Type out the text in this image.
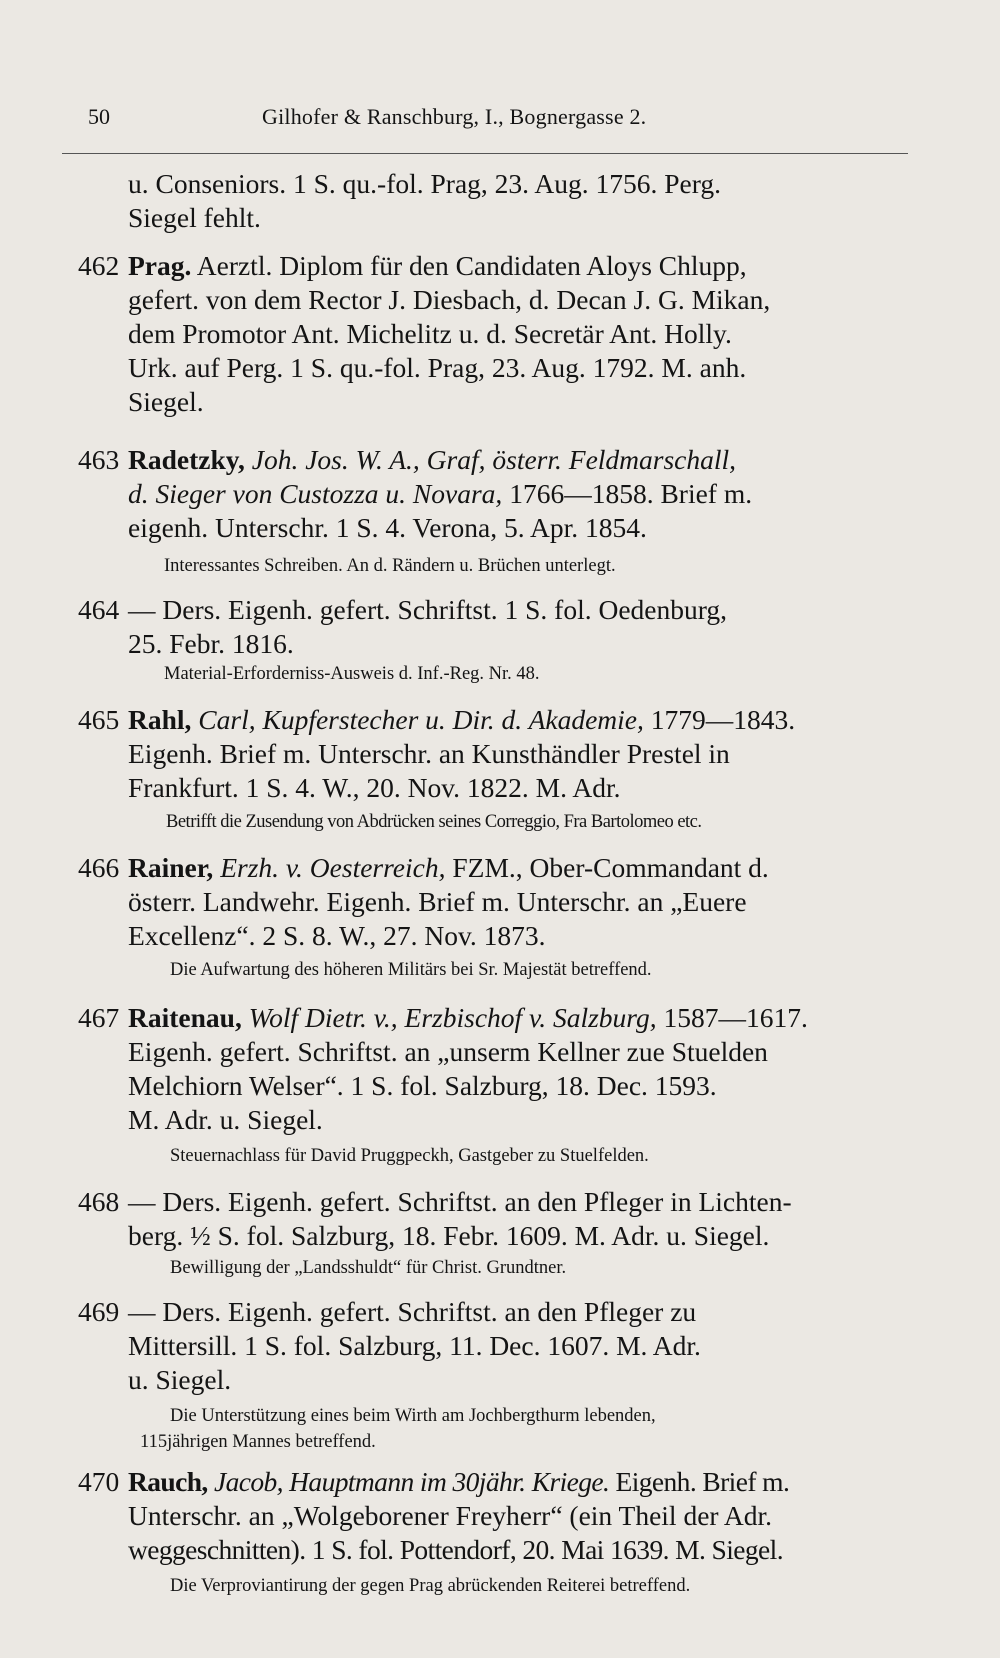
50	Gilhofer & Ranschburg, I., Bognergasse 2.
u. Conseniors. 1 S. qu.-fol. Prag, 23. Aug. 1756. Perg.
Siegel fehlt.
462 Prag. Aerztl. Diplom für den Candidaten Aloys Chlupp,
gefert. von dem Rector J. Diesbach, d. Decan J. G. Mikan,
dem Promotor Ant. Michelitz u. d. Secretär Ant. Holly.
Urk. auf Perg. 1 S. qu.-fol. Prag, 23. Aug. 1792. M. anh.
Siegel.
463 Radetzky, Joh. Jos. W. A., Graf, österr. Feldmarschall,
d. Sieger von Custozza u. Novara, 1766—1858. Brief m.
eigenh. Unterschr. 1 S. 4. Verona, 5. Apr. 1854.
Interessantes Schreiben. An d. Rändern u. Brüchen unterlegt.
464 — Ders. Eigenh. gefert. Schriftst. 1 S. fol. Oedenburg,
25. Febr. 1816.
Material-Erforderniss-Ausweis d. Inf.-Reg. Nr. 48.
465 Rahl, Carl, Kupferstecher u. Dir. d. Akademie, 1779—1843.
Eigenh. Brief m. Unterschr. an Kunsthändler Prestel in
Frankfurt. 1 S. 4. W., 20. Nov. 1822. M. Adr.
Betrifft die Zusendung von Abdrücken seines Correggio, Fra Bartolomeo etc.
466 Rainer, Erzh. v. Oesterreich, FZM., Ober-Commandant d.
österr. Landwehr. Eigenh. Brief m. Unterschr. an „Euere
Excellenz“. 2 S. 8. W., 27. Nov. 1873.
Die Aufwartung des höheren Militärs bei Sr. Majestät betreffend.
467 Raitenau, Wolf Dietr. v., Erzbischof v. Salzburg, 1587—1617.
Eigenh. gefert. Schriftst. an „unserm Kellner zue Stuelden
Melchiorn Welser“. 1 S. fol. Salzburg, 18. Dec. 1593.
M. Adr. u. Siegel.
Steuernachlass für David Pruggpeckh, Gastgeber zu Stuelfelden.
468 — Ders. Eigenh. gefert. Schriftst. an den Pfleger in Lichten-
berg. ½ S. fol. Salzburg, 18. Febr. 1609. M. Adr. u. Siegel.
Bewilligung der „Landsshuldt“ für Christ. Grundtner.
469 — Ders. Eigenh. gefert. Schriftst. an den Pfleger zu
Mittersill. 1 S. fol. Salzburg, 11. Dec. 1607. M. Adr.
u. Siegel.
Die Unterstützung eines beim Wirth am Jochbergthurm lebenden,
115jährigen Mannes betreffend.
470 Rauch, Jacob, Hauptmann im 30jähr. Kriege. Eigenh. Brief m.
Unterschr. an „Wolgeborener Freyherr“ (ein Theil der Adr.
weggeschnitten). 1 S. fol. Pottendorf, 20. Mai 1639. M. Siegel.
Die Verproviantirung der gegen Prag abrückenden Reiterei betreffend.
